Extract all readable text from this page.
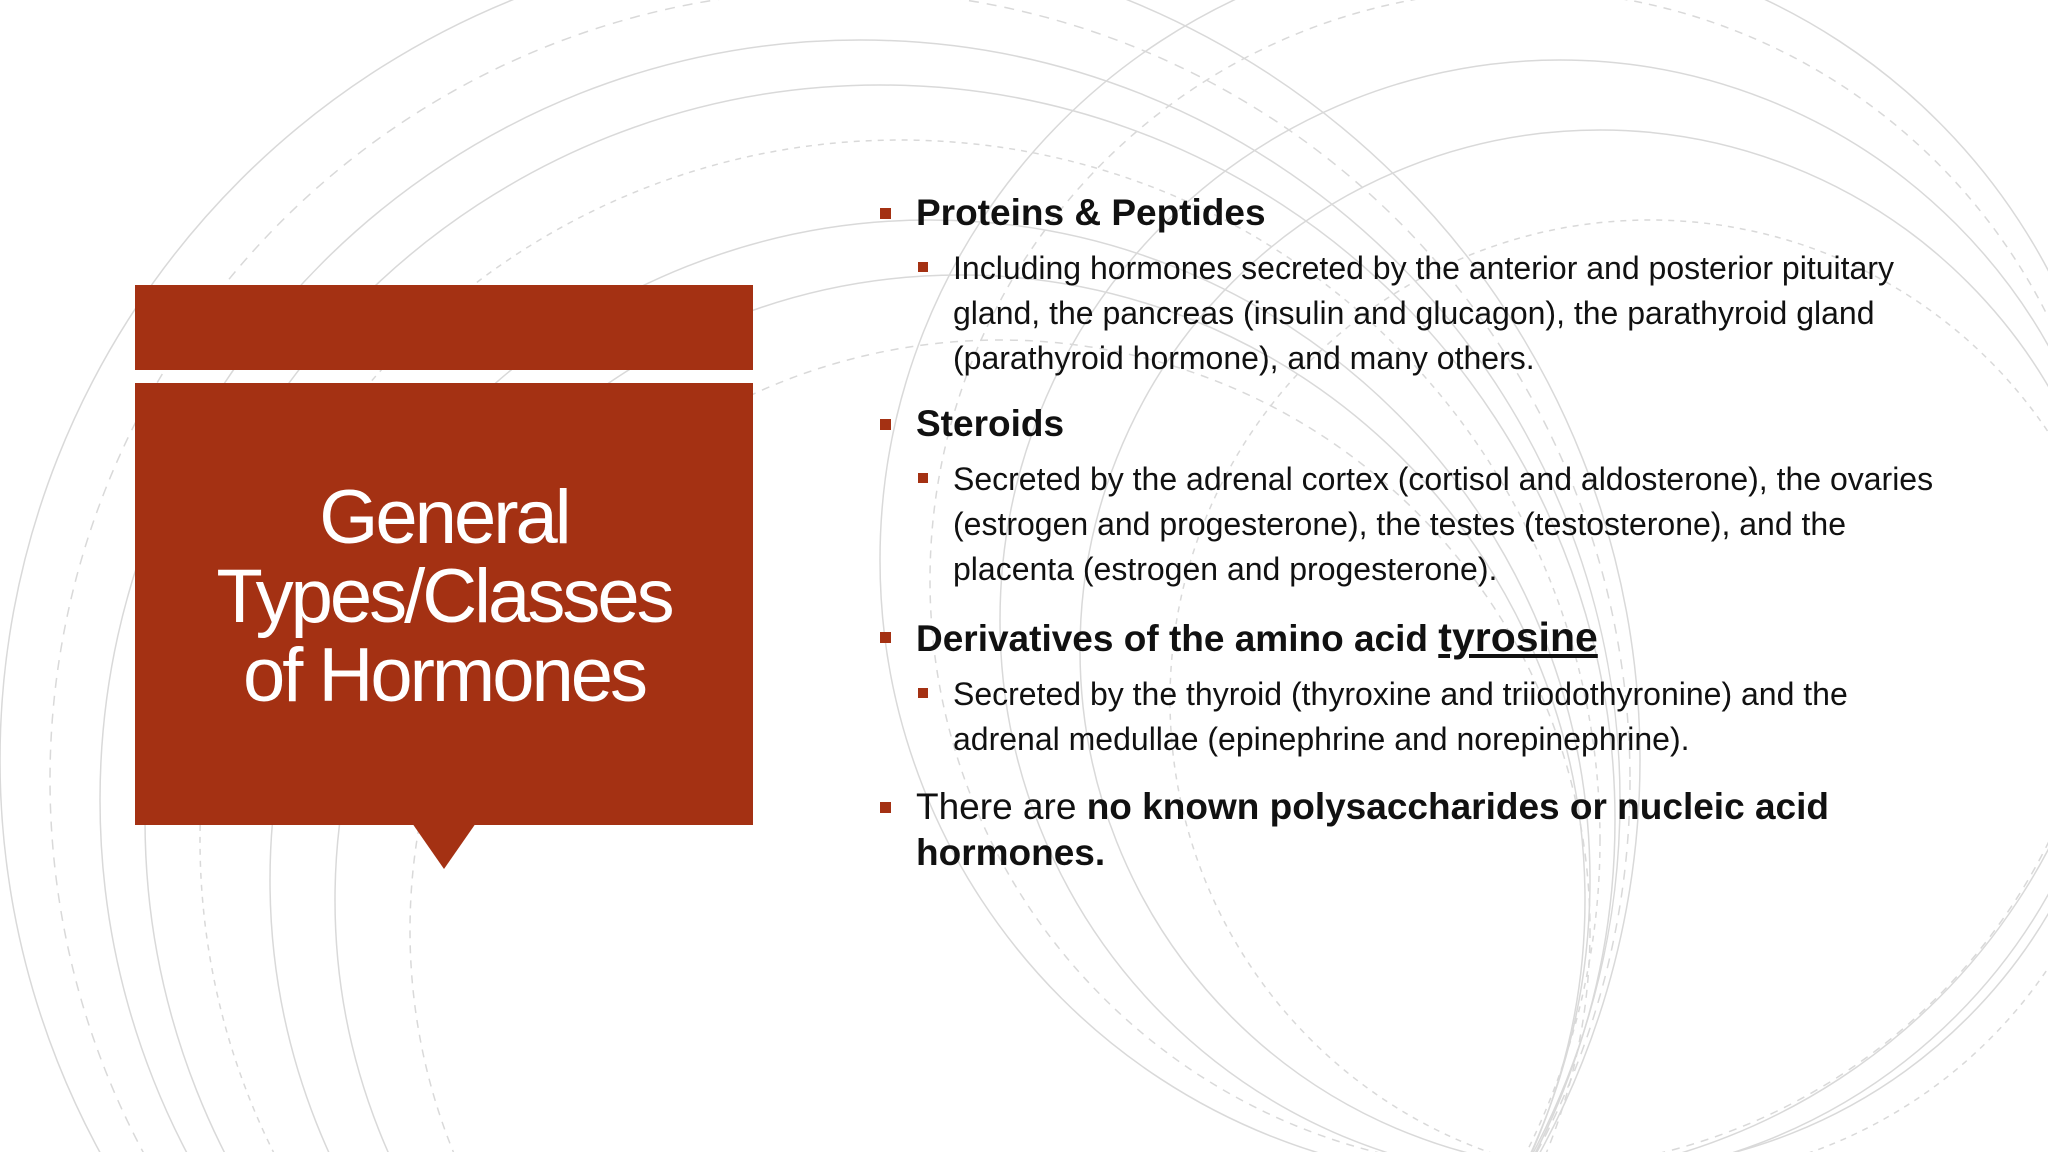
General
Types/Classes
of Hormones
Proteins & Peptides
Including hormones secreted by the anterior and posterior pituitary gland, the pancreas (insulin and glucagon), the parathyroid gland (parathyroid hormone), and many others.
Steroids
Secreted by the adrenal cortex (cortisol and aldosterone), the ovaries (estrogen and progesterone), the testes (testosterone), and the placenta (estrogen and progesterone).
Derivatives of the amino acid tyrosine
Secreted by the thyroid (thyroxine and triiodothyronine) and the adrenal medullae (epinephrine and norepinephrine).
There are no known polysaccharides or nucleic acid hormones.
